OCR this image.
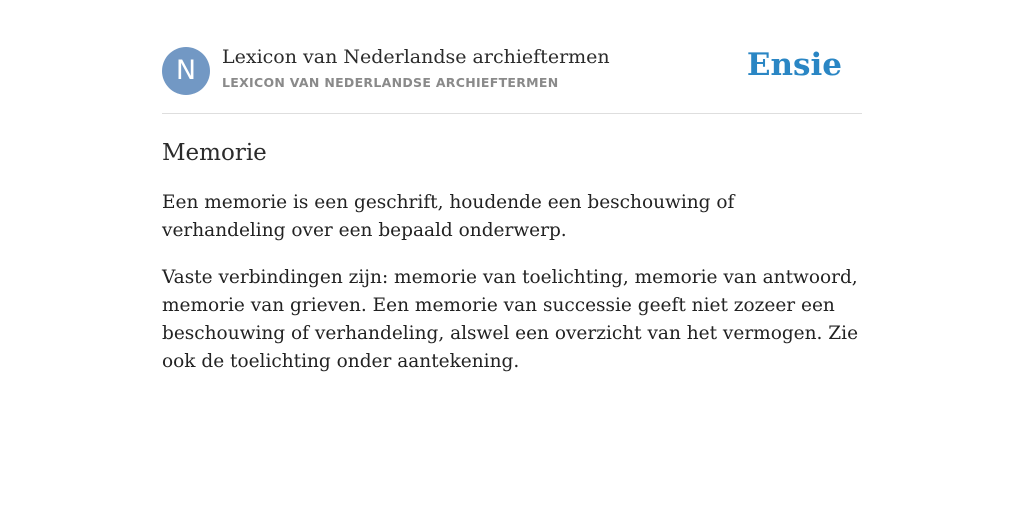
N	Lexicon van Nederlandse archieftermen
LEXICON VAN NEDERLANDSE ARCHIEFTERMEN	Ensie
Memorie

Een memorie is een geschrift, houdende een beschouwing of verhandeling over een bepaald onderwerp.

Vaste verbindingen zijn: memorie van toelichting, memorie van antwoord, memorie van grieven. Een memorie van successie geeft niet zozeer een beschouwing of verhandeling, alswel een overzicht van het vermogen. Zie ook de toelichting onder aantekening.
